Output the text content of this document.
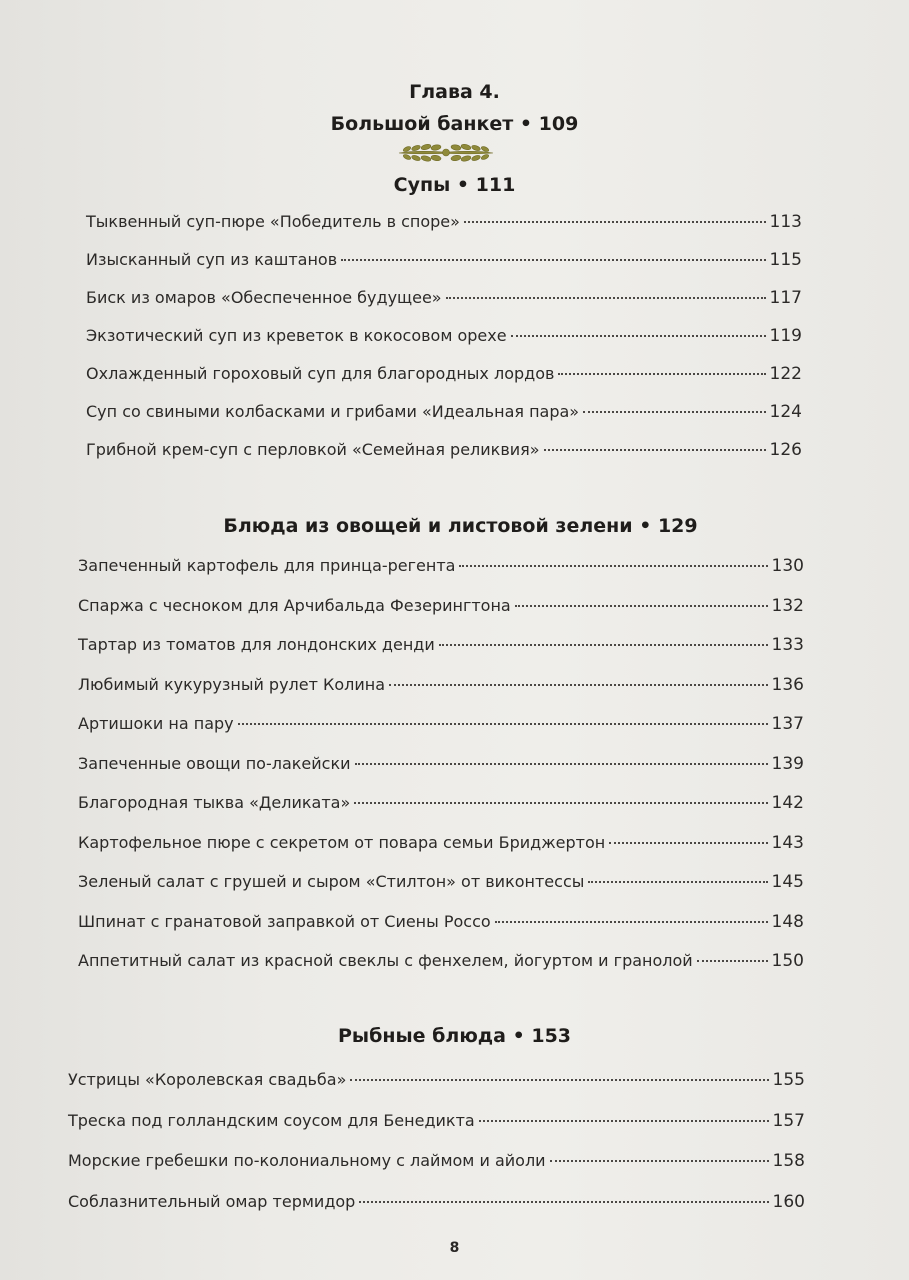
Глава 4.
Большой банкет • 109
Супы • 111
Тыквенный суп-пюре «Победитель в споре»	113
Изысканный суп из каштанов	115
Биск из омаров «Обеспеченное будущее»	117
Экзотический суп из креветок в кокосовом орехе	119
Охлажденный гороховый суп для благородных лордов	122
Суп со свиными колбасками и грибами «Идеальная пара»	124
Грибной крем-суп с перловкой «Семейная реликвия»	126
Блюда из овощей и листовой зелени • 129
Запеченный картофель для принца-регента	130
Спаржа с чесноком для Арчибальда Фезерингтона	132
Тартар из томатов для лондонских денди	133
Любимый кукурузный рулет Колина	136
Артишоки на пару	137
Запеченные овощи по-лакейски	139
Благородная тыква «Деликата»	142
Картофельное пюре с секретом от повара семьи Бриджертон	143
Зеленый салат с грушей и сыром «Стилтон» от виконтессы	145
Шпинат с гранатовой заправкой от Сиены Россо	148
Аппетитный салат из красной свеклы с фенхелем, йогуртом и гранолой	150
Рыбные блюда • 153
Устрицы «Королевская свадьба»	155
Треска под голландским соусом для Бенедикта	157
Морские гребешки по-колониальному с лаймом и айоли	158
Соблазнительный омар термидор	160
8
